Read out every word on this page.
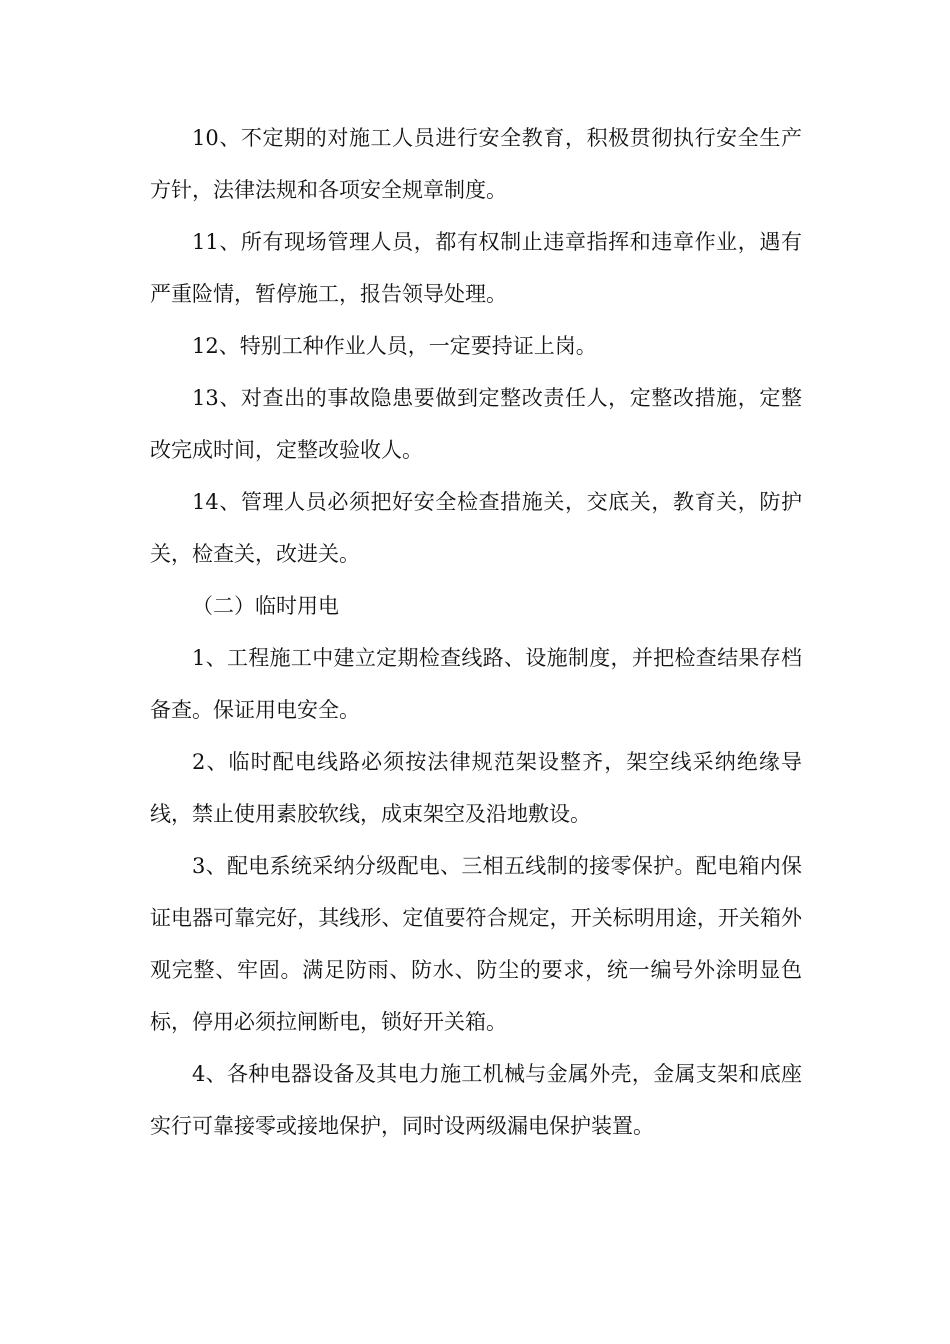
10、不定期的对施工人员进行安全教育，积极贯彻执行安全生产方针，法律法规和各项安全规章制度。

11、所有现场管理人员，都有权制止违章指挥和违章作业，遇有严重险情，暂停施工，报告领导处理。

12、特别工种作业人员，一定要持证上岗。

13、对查出的事故隐患要做到定整改责任人，定整改措施，定整改完成时间，定整改验收人。

14、管理人员必须把好安全检查措施关，交底关，教育关，防护关，检查关，改进关。

（二）临时用电

1、工程施工中建立定期检查线路、设施制度，并把检查结果存档备查。保证用电安全。

2、临时配电线路必须按法律规范架设整齐，架空线采纳绝缘导线，禁止使用素胶软线，成束架空及沿地敷设。

3、配电系统采纳分级配电、三相五线制的接零保护。配电箱内保证电器可靠完好，其线形、定值要符合规定，开关标明用途，开关箱外观完整、牢固。满足防雨、防水、防尘的要求，统一编号外涂明显色标，停用必须拉闸断电，锁好开关箱。

4、各种电器设备及其电力施工机械与金属外壳，金属支架和底座实行可靠接零或接地保护，同时设两级漏电保护装置。
